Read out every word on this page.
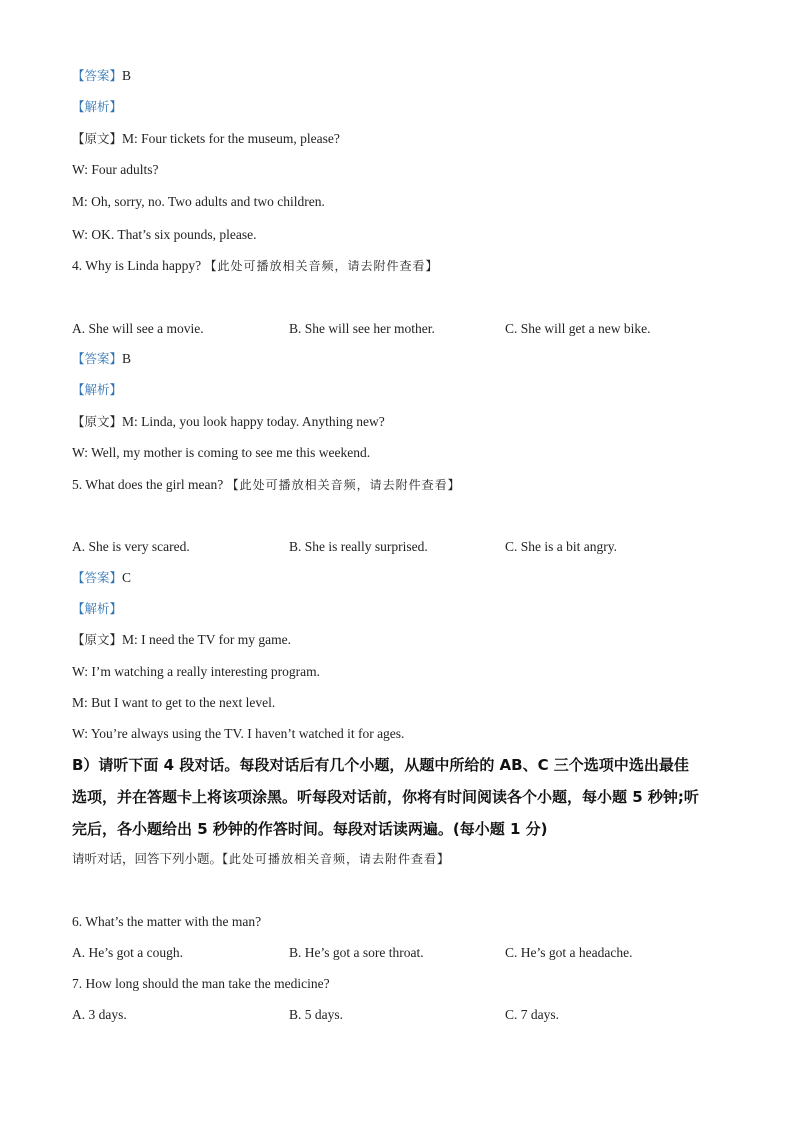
【答案】B
【解析】
【原文】M: Four tickets for the museum, please?
W: Four adults?
M: Oh, sorry, no. Two adults and two children.
W: OK. That’s six pounds, please.
4. Why is Linda happy? 【此处可播放相关音频，请去附件查看】
A. She will see a movie.	B. She will see her mother.	C. She will get a new bike.
【答案】B
【解析】
【原文】M: Linda, you look happy today. Anything new?
W: Well, my mother is coming to see me this weekend.
5. What does the girl mean? 【此处可播放相关音频，请去附件查看】
A. She is very scared.	B. She is really surprised.	C. She is a bit angry.
【答案】C
【解析】
【原文】M: I need the TV for my game.
W: I’m watching a really interesting program.
M: But I want to get to the next level.
W: You’re always using the TV. I haven’t watched it for ages.
B）请听下面 4 段对话。每段对话后有几个小题，从题中所给的 AB、C 三个选项中选出最佳
选项，并在答题卡上将该项涂黑。听每段对话前，你将有时间阅读各个小题，每小题 5 秒钟;听
完后，各小题给出 5 秒钟的作答时间。每段对话读两遍。(每小题 1 分)
请听对话，回答下列小题。【此处可播放相关音频，请去附件查看】
6. What’s the matter with the man?
A. He’s got a cough.	B. He’s got a sore throat.	C. He’s got a headache.
7. How long should the man take the medicine?
A. 3 days.	B. 5 days.	C. 7 days.
